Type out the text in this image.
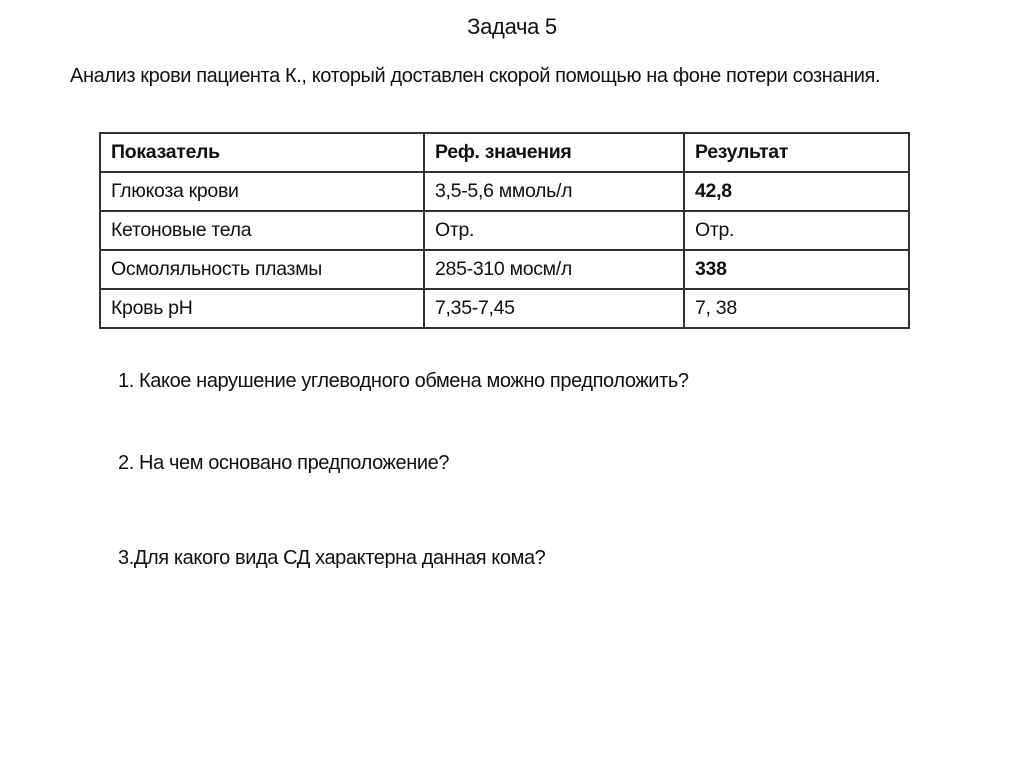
Задача 5
Анализ крови пациента К., который доставлен скорой помощью на фоне потери сознания.
Показатель	Реф. значения	Результат
Глюкоза крови	3,5-5,6 ммоль/л	42,8
Кетоновые тела	Отр.	Отр.
Осмоляльность плазмы	285-310 мосм/л	338
Кровь pH	7,35-7,45	7, 38
1. Какое нарушение углеводного обмена можно предположить?
2. На чем основано предположение?
3.Для какого вида СД характерна данная кома?
